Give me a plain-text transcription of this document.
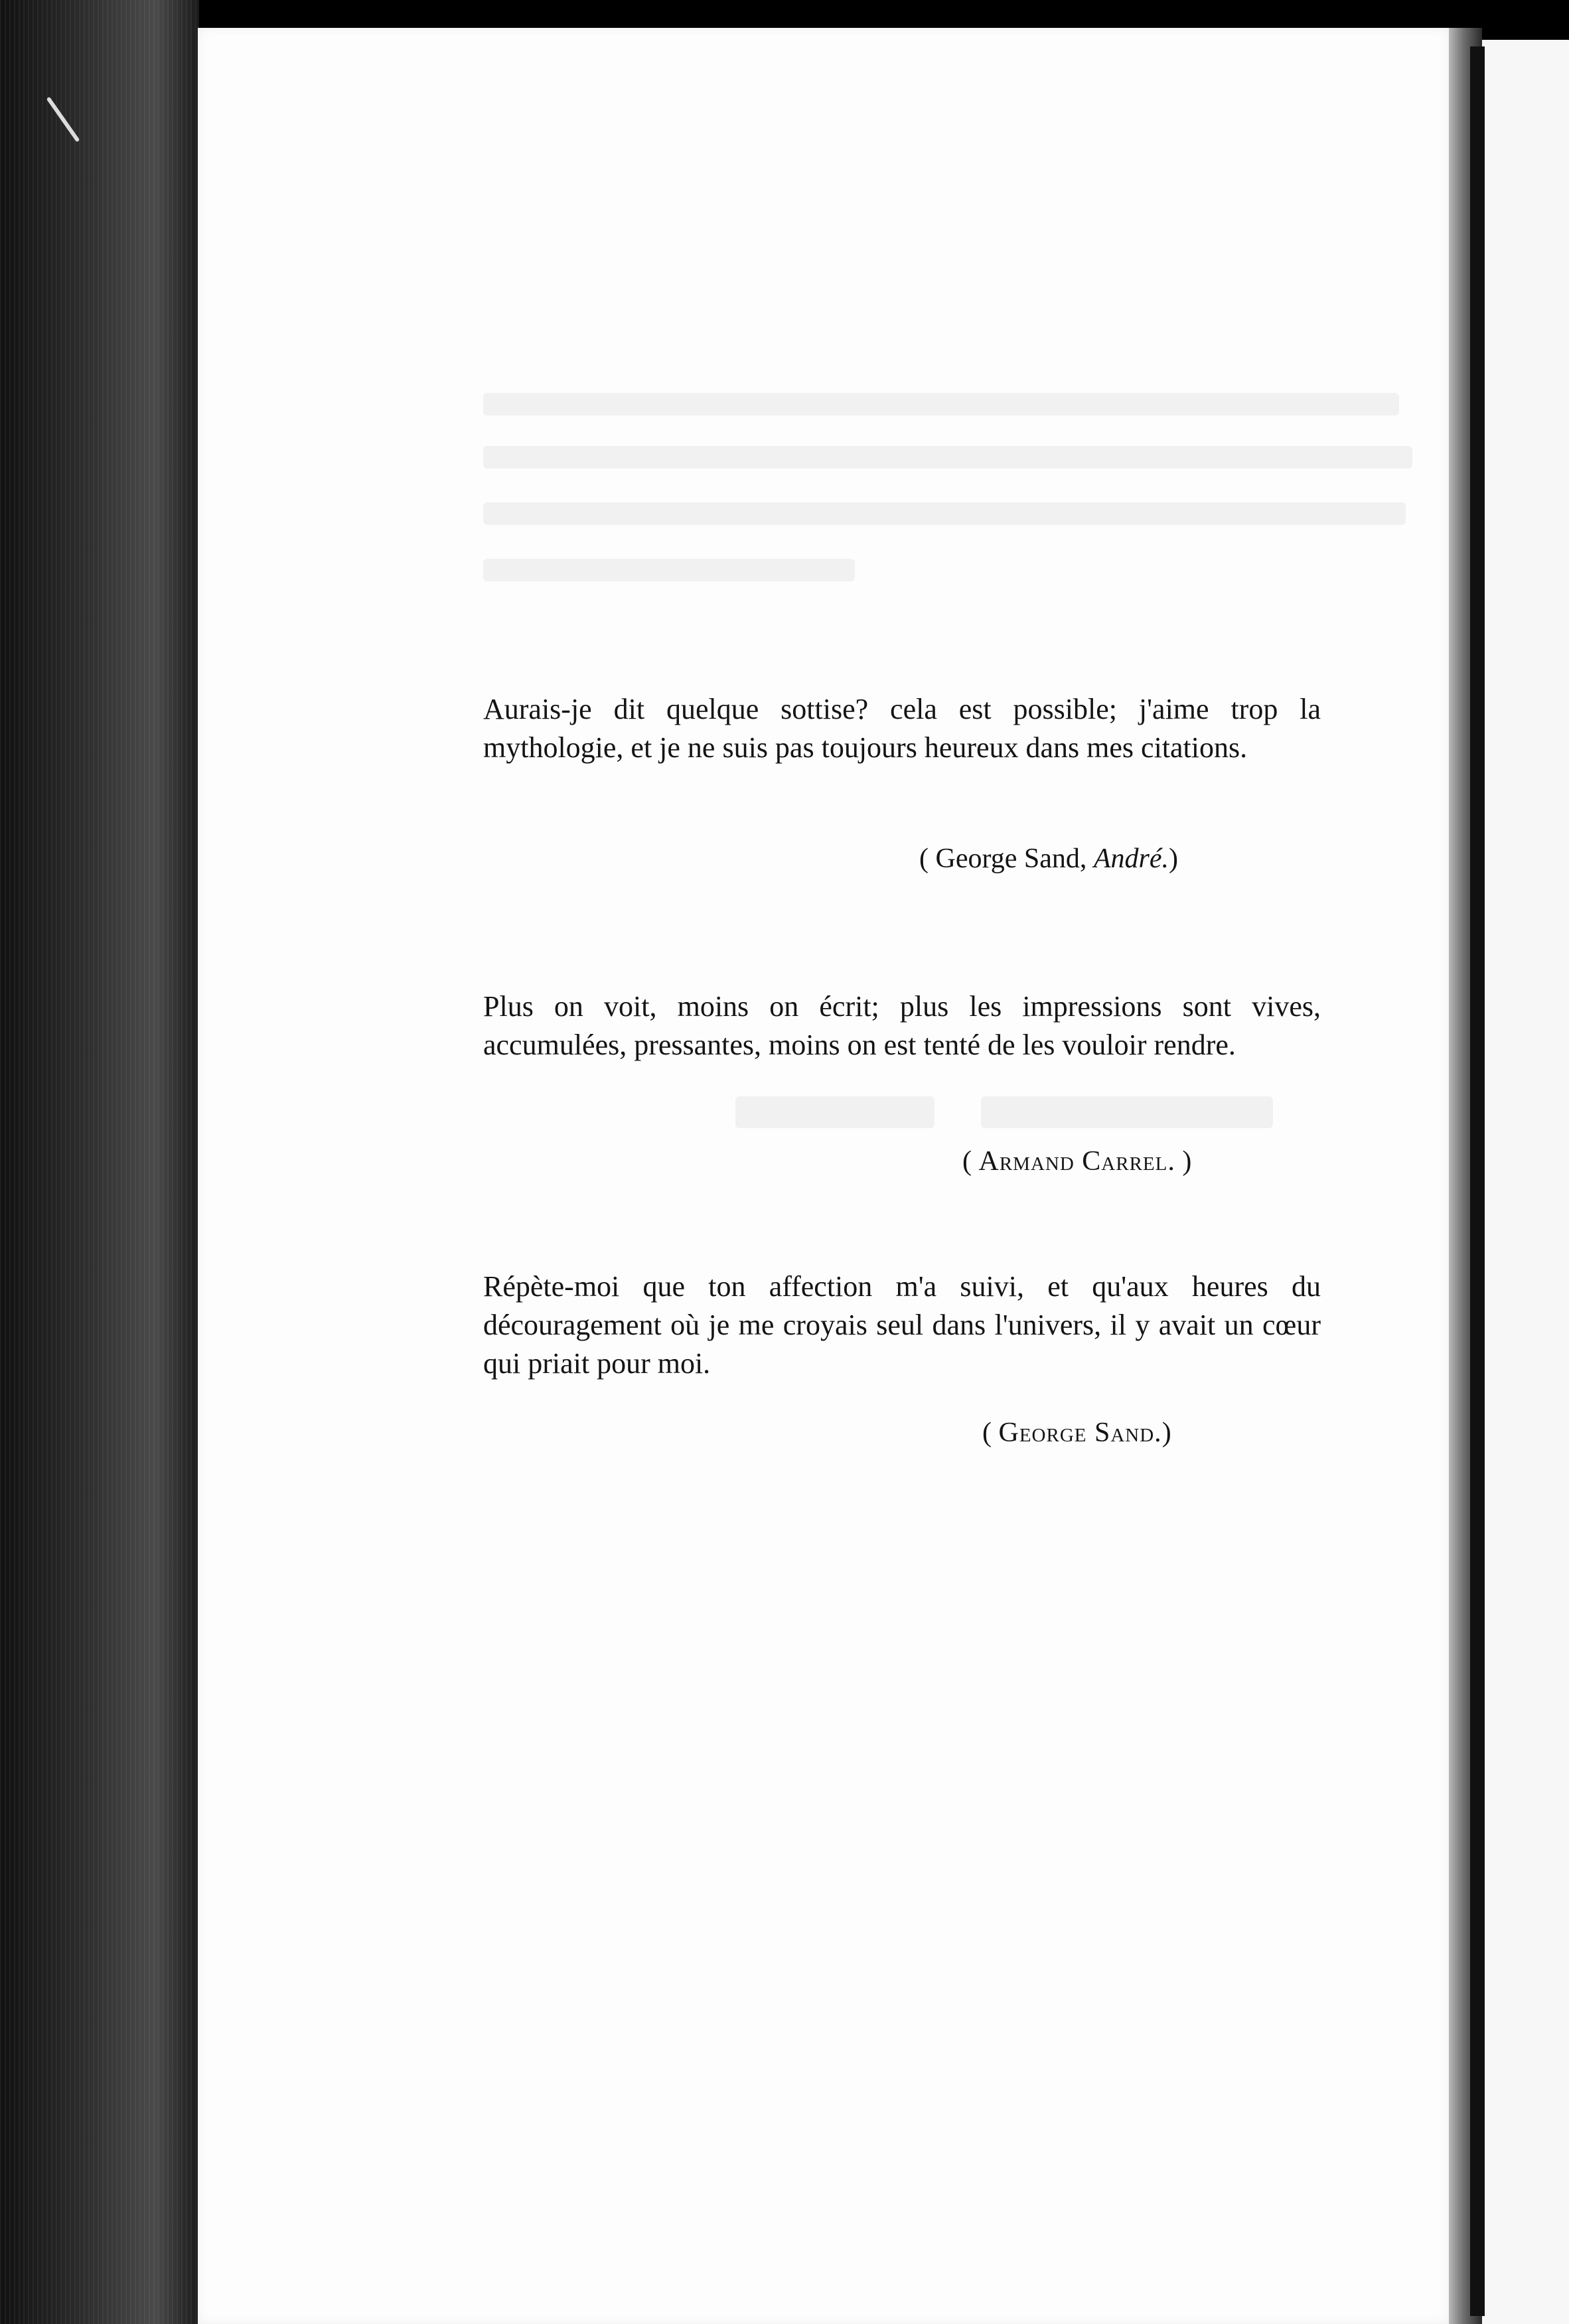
Aurais-je dit quelque sottise? cela est possible; j'aime trop la mythologie, et je ne suis pas toujours heureux dans mes citations.

( George Sand, André.)

Plus on voit, moins on écrit; plus les impressions sont vives, accumulées, pressantes, moins on est tenté de les vouloir rendre.

( Armand Carrel. )

Répète-moi que ton affection m'a suivi, et qu'aux heures du découragement où je me croyais seul dans l'univers, il y avait un cœur qui priait pour moi.

( George Sand.)
